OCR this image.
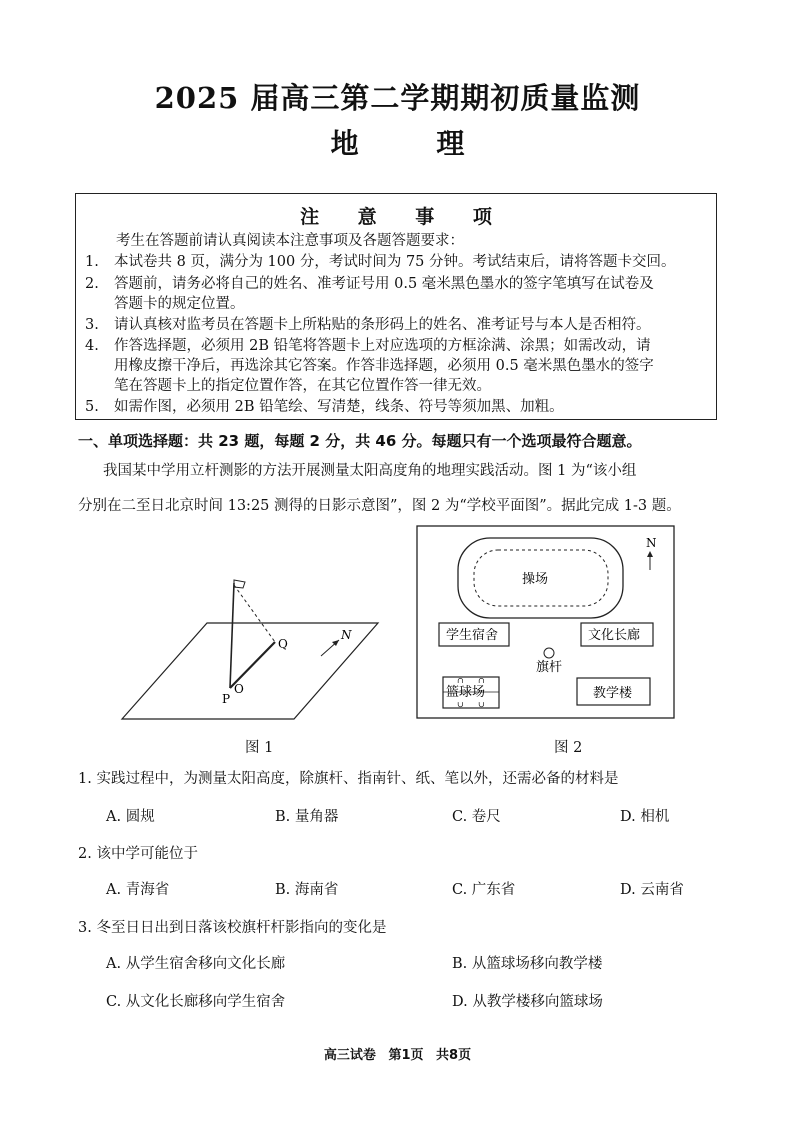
2025 届高三第二学期期初质量监测
地 理
注 意 事 项
考生在答题前请认真阅读本注意事项及各题答题要求：
1. 本试卷共 8 页，满分为 100 分，考试时间为 75 分钟。考试结束后，请将答题卡交回。
2. 答题前，请务必将自己的姓名、准考证号用 0.5 毫米黑色墨水的签字笔填写在试卷及
答题卡的规定位置。
3. 请认真核对监考员在答题卡上所粘贴的条形码上的姓名、准考证号与本人是否相符。
4. 作答选择题，必须用 2B 铅笔将答题卡上对应选项的方框涂满、涂黑；如需改动，请
用橡皮擦干净后，再选涂其它答案。作答非选择题，必须用 0.5 毫米黑色墨水的签字
笔在答题卡上的指定位置作答，在其它位置作答一律无效。
5. 如需作图，必须用 2B 铅笔绘、写清楚，线条、符号等须加黑、加粗。
一、单项选择题：共 23 题，每题 2 分，共 46 分。每题只有一个选项最符合题意。
我国某中学用立杆测影的方法开展测量太阳高度角的地理实践活动。图 1 为“该小组
分别在二至日北京时间 13:25 测得的日影示意图”，图 2 为“学校平面图”。据此完成 1-3 题。
N
Q
O
P
图 1
操场
N
学生宿舍	文化长廊
旗杆
∩ ∩
∪ ∪
篮球场	教学楼
图 2
1. 实践过程中，为测量太阳高度，除旗杆、指南针、纸、笔以外，还需必备的材料是
A. 圆规	B. 量角器	C. 卷尺	D. 相机
2. 该中学可能位于
A. 青海省	B. 海南省	C. 广东省	D. 云南省
3. 冬至日日出到日落该校旗杆杆影指向的变化是
A. 从学生宿舍移向文化长廊	B. 从篮球场移向教学楼
C. 从文化长廊移向学生宿舍	D. 从教学楼移向篮球场
高三试卷 第1页 共8页
